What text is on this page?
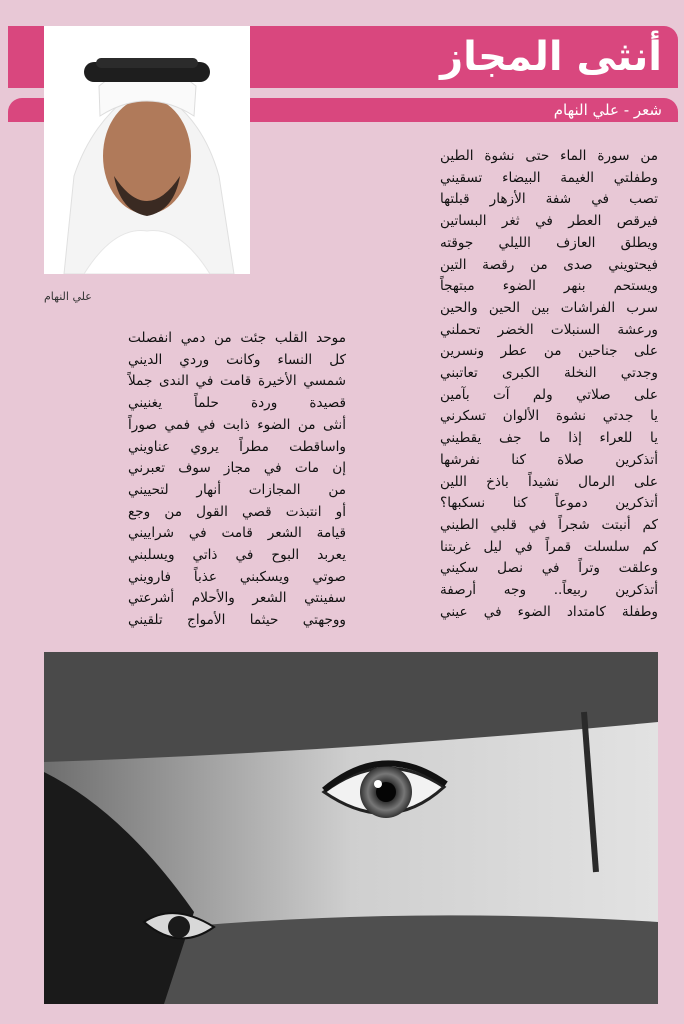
أنثى المجاز
شعر - علي النهام
علي النهام
من سورة الماء حتى نشوة الطين
وطفلتي الغيمة البيضاء تسقيني
تصب في شفة الأزهار قبلتها
فيرقص العطر في ثغر البساتين
ويطلق العازف الليلي جوقته
فيحتويني صدى من رقصة التين
ويستحم بنهر الضوء مبتهجاً
سرب الفراشات بين الحين والحين
ورعشة السنبلات الخضر تحملني
على جناحين من عطر ونسرين
وجدتي النخلة الكبرى تعاتبني
على صلاتي ولم آت بآمين
يا جدتي نشوة الألوان تسكرني
يا للعراء إذا ما جف يقطيني
أتذكرين صلاة كنا نفرشها
على الرمال نشيداً باذخ اللين
أتذكرين دموعاً كنا نسكبها؟
كم أنبتت شجراً في قلبي الطيني
كم سلسلت قمراً في ليل غربتنا
وعلقت وتراً في نصل سكيني
أتذكرين ربيعاً.. وجه أرصفة
وطفلة كامتداد الضوء في عيني
موحد القلب جئت من دمي انفصلت
كل النساء وكانت وردي الديني
شمسي الأخيرة قامت في الندى جملاً
قصيدة وردة حلماً يغنيني
أنثى من الضوء ذابت في فمي صوراً
واساقطت مطراً يروي عناويني
إن مات في مجاز سوف تعبرني
من المجازات أنهار لتحييني
أو انتبذت قصي القول من وجع
قيامة الشعر قامت في شراييني
يعربد البوح في ذاتي ويسلبني
صوتي ويسكبني عذباً فارويني
سفينتي الشعر والأحلام أشرعتي
ووجهتي حيثما الأمواج تلقيني
